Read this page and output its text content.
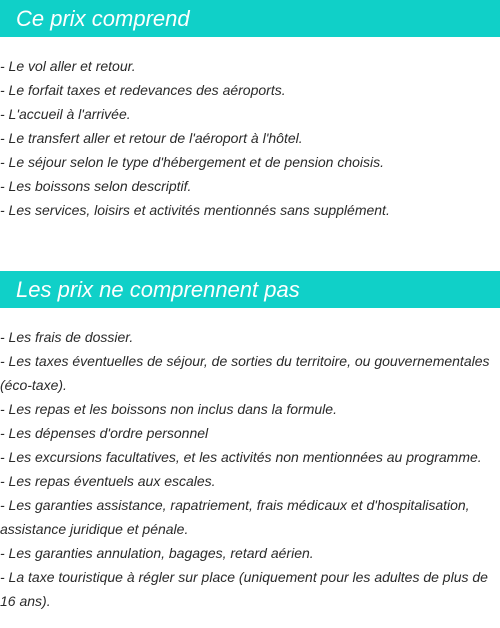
Ce prix comprend
- Le vol aller et retour.
- Le forfait taxes et redevances des aéroports.
- L'accueil à l'arrivée.
- Le transfert aller et retour de l'aéroport à l'hôtel.
- Le séjour selon le type d'hébergement et de pension choisis.
- Les boissons selon descriptif.
- Les services, loisirs et activités mentionnés sans supplément.
Les prix ne comprennent pas
- Les frais de dossier.
- Les taxes éventuelles de séjour, de sorties du territoire, ou gouvernementales (éco-taxe).
- Les repas et les boissons non inclus dans la formule.
- Les dépenses d'ordre personnel
- Les excursions facultatives, et les activités non mentionnées au programme.
- Les repas éventuels aux escales.
- Les garanties assistance, rapatriement, frais médicaux et d'hospitalisation, assistance juridique et pénale.
- Les garanties annulation, bagages, retard aérien.
- La taxe touristique à régler sur place (uniquement pour les adultes de plus de 16 ans).
